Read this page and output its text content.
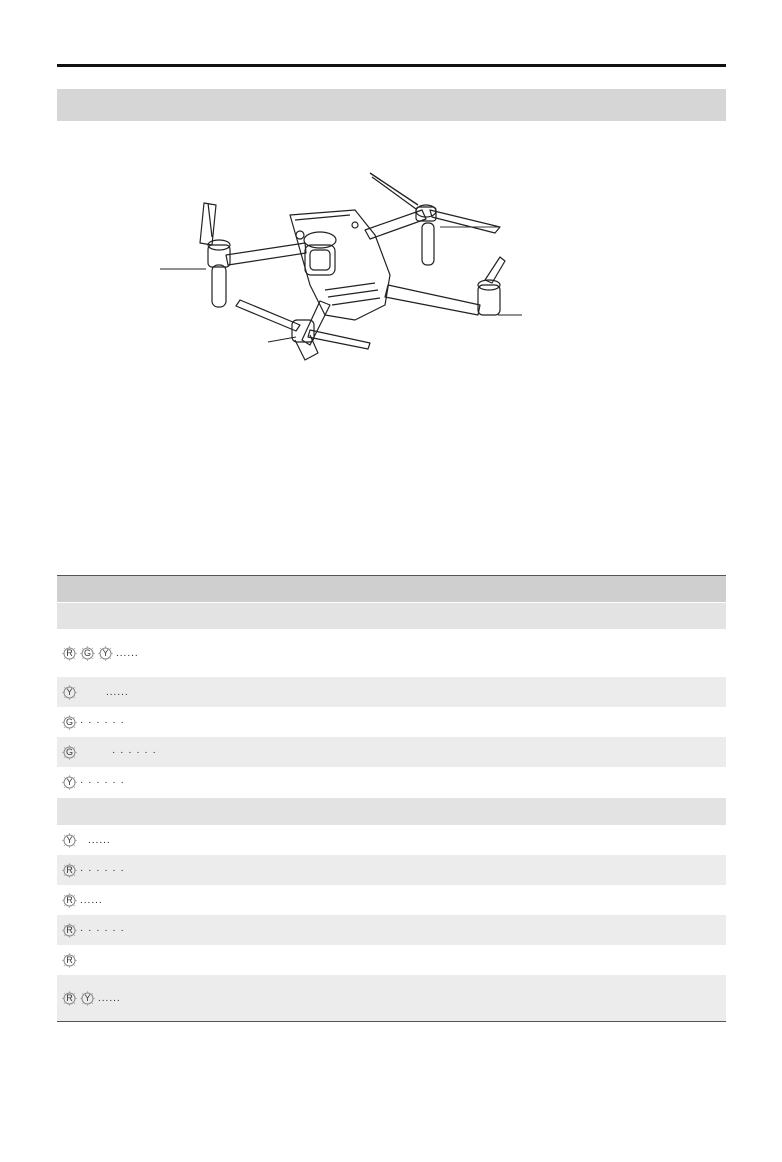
R	G	Y ......
Y	......
G · · · · · ·
G	· · · · · ·
Y · · · · · ·
Y	......
R · · · · · ·
R ......
R · · · · · ·
R
R	Y ......
